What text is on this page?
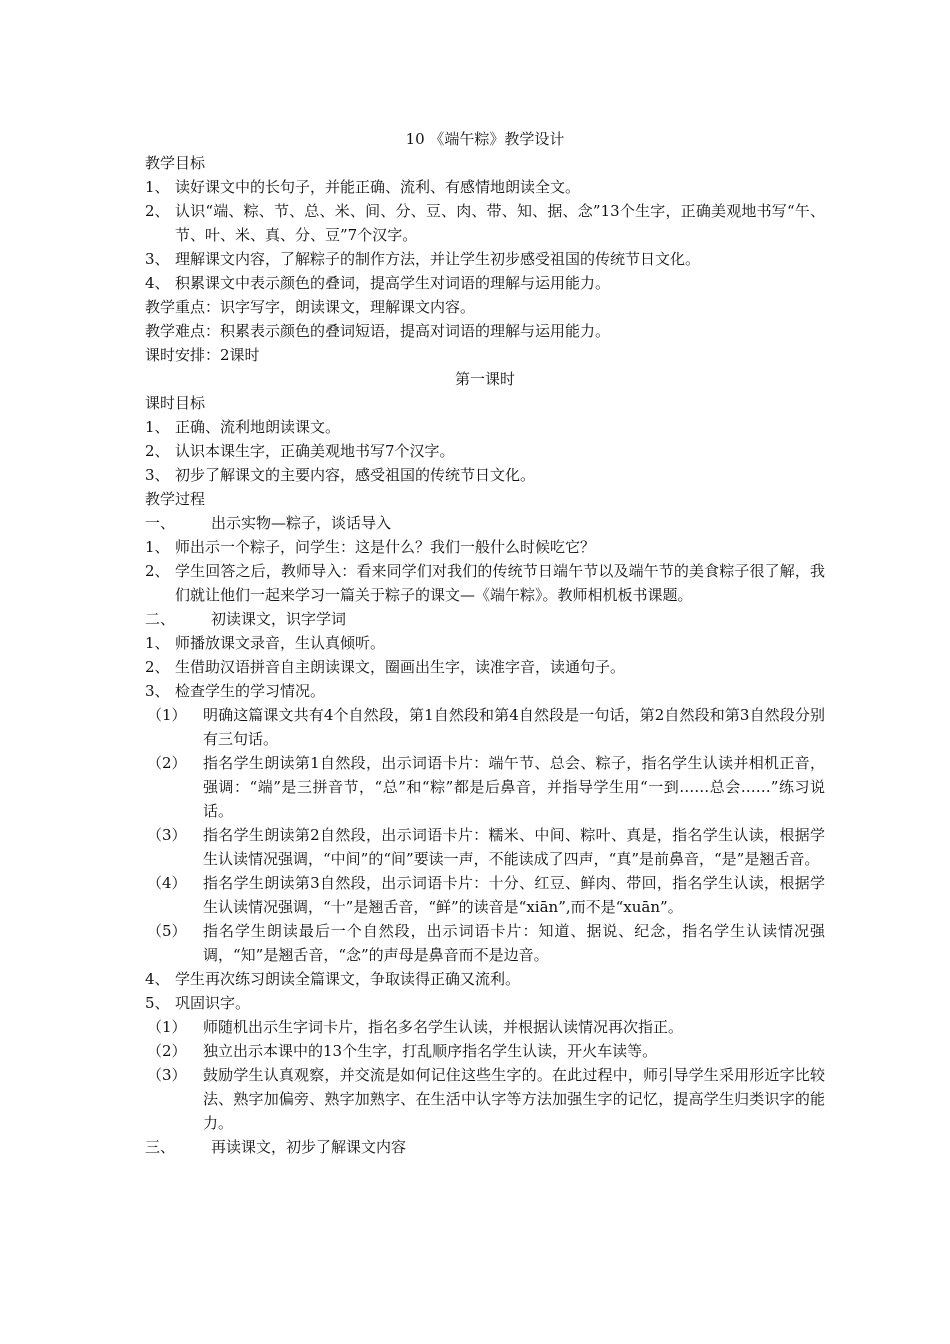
10 《端午粽》教学设计
教学目标
1、 读好课文中的长句子，并能正确、流利、有感情地朗读全文。
2、 认识“端、粽、节、总、米、间、分、豆、肉、带、知、据、念”13个生字，正确美观地书写“午、节、叶、米、真、分、豆”7个汉字。
3、 理解课文内容，了解粽子的制作方法，并让学生初步感受祖国的传统节日文化。
4、 积累课文中表示颜色的叠词，提高学生对词语的理解与运用能力。
教学重点：识字写字，朗读课文，理解课文内容。
教学难点：积累表示颜色的叠词短语，提高对词语的理解与运用能力。
课时安排：2课时
第一课时
课时目标
1、 正确、流利地朗读课文。
2、 认识本课生字，正确美观地书写7个汉字。
3、 初步了解课文的主要内容，感受祖国的传统节日文化。
教学过程
一、	出示实物—粽子，谈话导入
1、 师出示一个粽子，问学生：这是什么？我们一般什么时候吃它？
2、 学生回答之后，教师导入：看来同学们对我们的传统节日端午节以及端午节的美食粽子很了解，我们就让他们一起来学习一篇关于粽子的课文—《端午粽》。教师相机板书课题。
二、	初读课文，识字学词
1、 师播放课文录音，生认真倾听。
2、 生借助汉语拼音自主朗读课文，圈画出生字，读准字音，读通句子。
3、 检查学生的学习情况。
（1）	明确这篇课文共有4个自然段，第1自然段和第4自然段是一句话，第2自然段和第3自然段分别有三句话。
（2）	指名学生朗读第1自然段，出示词语卡片：端午节、总会、粽子，指名学生认读并相机正音，强调：“端”是三拼音节，“总”和“粽”都是后鼻音，并指导学生用“一到……总会……”练习说话。
（3）	指名学生朗读第2自然段，出示词语卡片：糯米、中间、粽叶、真是，指名学生认读，根据学生认读情况强调，“中间”的“间”要读一声，不能读成了四声，“真”是前鼻音，“是”是翘舌音。
（4）	指名学生朗读第3自然段，出示词语卡片：十分、红豆、鲜肉、带回，指名学生认读，根据学生认读情况强调，“十”是翘舌音，“鲜”的读音是“xiān”,而不是“xuān”。
（5）	指名学生朗读最后一个自然段，出示词语卡片：知道、据说、纪念，指名学生认读情况强调，“知”是翘舌音，“念”的声母是鼻音而不是边音。
4、 学生再次练习朗读全篇课文，争取读得正确又流利。
5、 巩固识字。
（1）	师随机出示生字词卡片，指名多名学生认读，并根据认读情况再次指正。
（2）	独立出示本课中的13个生字，打乱顺序指名学生认读，开火车读等。
（3）	鼓励学生认真观察，并交流是如何记住这些生字的。在此过程中，师引导学生采用形近字比较法、熟字加偏旁、熟字加熟字、在生活中认字等方法加强生字的记忆，提高学生归类识字的能力。
三、	再读课文，初步了解课文内容
